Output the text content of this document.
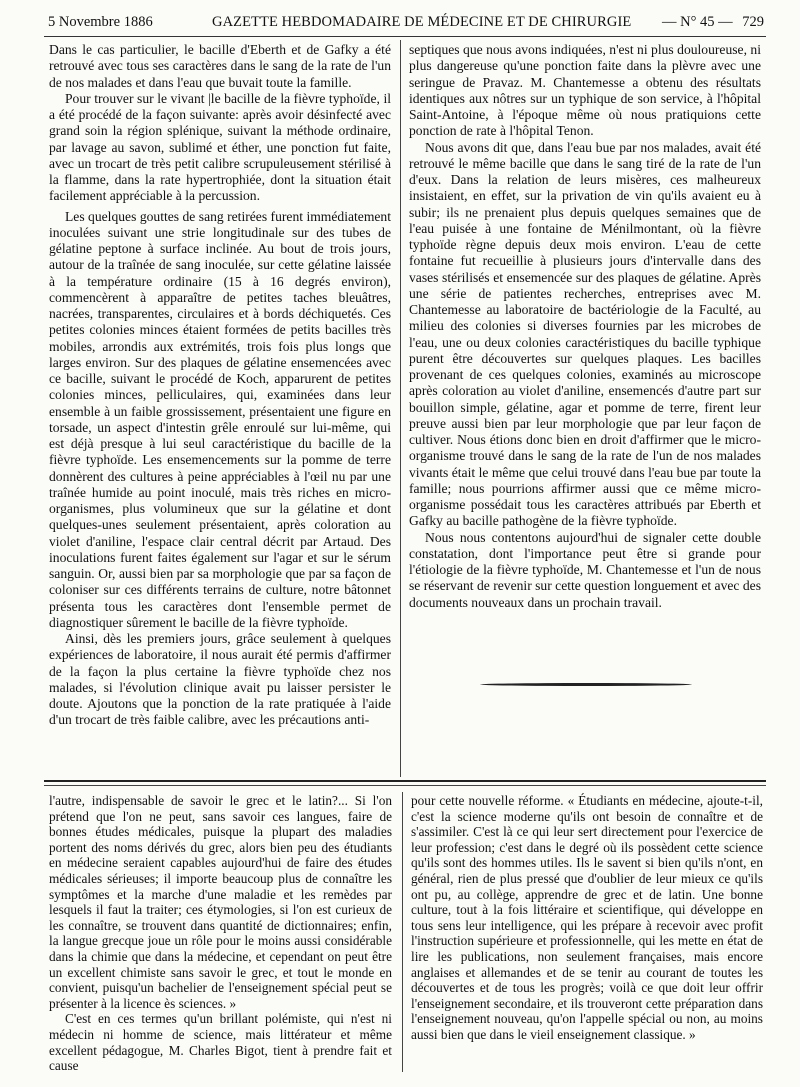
5 Novembre 1886	GAZETTE HEBDOMADAIRE DE MÉDECINE ET DE CHIRURGIE — N° 45 — 729

Dans le cas particulier, le bacille d'Eberth et de Gafky a été retrouvé avec tous ses caractères dans le sang de la rate de l'un de nos malades et dans l'eau que buvait toute la famille.

Pour trouver sur le vivant |le bacille de la fièvre typhoïde, il a été procédé de la façon suivante: après avoir désinfecté avec grand soin la région splénique, suivant la méthode ordinaire, par lavage au savon, sublimé et éther, une ponction fut faite, avec un trocart de très petit calibre scrupuleusement stérilisé à la flamme, dans la rate hypertrophiée, dont la situation était facilement appréciable à la percussion.

Les quelques gouttes de sang retirées furent immédiatement inoculées suivant une strie longitudinale sur des tubes de gélatine peptone à surface inclinée. Au bout de trois jours, autour de la traînée de sang inoculée, sur cette gélatine laissée à la température ordinaire (15 à 16 degrés environ), commencèrent à apparaître de petites taches bleuâtres, nacrées, transparentes, circulaires et à bords déchiquetés. Ces petites colonies minces étaient formées de petits bacilles très mobiles, arrondis aux extrémités, trois fois plus longs que larges environ. Sur des plaques de gélatine ensemencées avec ce bacille, suivant le procédé de Koch, apparurent de petites colonies minces, pelliculaires, qui, examinées dans leur ensemble à un faible grossissement, présentaient une figure en torsade, un aspect d'intestin grêle enroulé sur lui-même, qui est déjà presque à lui seul caractéristique du bacille de la fièvre typhoïde. Les ensemencements sur la pomme de terre donnèrent des cultures à peine appréciables à l'œil nu par une traînée humide au point inoculé, mais très riches en micro-organismes, plus volumineux que sur la gélatine et dont quelques-unes seulement présentaient, après coloration au violet d'aniline, l'espace clair central décrit par Artaud. Des inoculations furent faites également sur l'agar et sur le sérum sanguin. Or, aussi bien par sa morphologie que par sa façon de coloniser sur ces différents terrains de culture, notre bâtonnet présenta tous les caractères dont l'ensemble permet de diagnostiquer sûrement le bacille de la fièvre typhoïde.

Ainsi, dès les premiers jours, grâce seulement à quelques expériences de laboratoire, il nous aurait été permis d'affirmer de la façon la plus certaine la fièvre typhoïde chez nos malades, si l'évolution clinique avait pu laisser persister le doute. Ajoutons que la ponction de la rate pratiquée à l'aide d'un trocart de très faible calibre, avec les précautions anti-

septiques que nous avons indiquées, n'est ni plus douloureuse, ni plus dangereuse qu'une ponction faite dans la plèvre avec une seringue de Pravaz. M. Chantemesse a obtenu des résultats identiques aux nôtres sur un typhique de son service, à l'hôpital Saint-Antoine, à l'époque même où nous pratiquions cette ponction de rate à l'hôpital Tenon.

Nous avons dit que, dans l'eau bue par nos malades, avait été retrouvé le même bacille que dans le sang tiré de la rate de l'un d'eux. Dans la relation de leurs misères, ces malheureux insistaient, en effet, sur la privation de vin qu'ils avaient eu à subir; ils ne prenaient plus depuis quelques semaines que de l'eau puisée à une fontaine de Ménilmontant, où la fièvre typhoïde règne depuis deux mois environ. L'eau de cette fontaine fut recueillie à plusieurs jours d'intervalle dans des vases stérilisés et ensemencée sur des plaques de gélatine. Après une série de patientes recherches, entreprises avec M. Chantemesse au laboratoire de bactériologie de la Faculté, au milieu des colonies si diverses fournies par les microbes de l'eau, une ou deux colonies caractéristiques du bacille typhique purent être découvertes sur quelques plaques. Les bacilles provenant de ces quelques colonies, examinés au microscope après coloration au violet d'aniline, ensemencés d'autre part sur bouillon simple, gélatine, agar et pomme de terre, firent leur preuve aussi bien par leur morphologie que par leur façon de cultiver. Nous étions donc bien en droit d'affirmer que le micro-organisme trouvé dans le sang de la rate de l'un de nos malades vivants était le même que celui trouvé dans l'eau bue par toute la famille; nous pourrions affirmer aussi que ce même micro-organisme possédait tous les caractères attribués par Eberth et Gafky au bacille pathogène de la fièvre typhoïde.

Nous nous contentons aujourd'hui de signaler cette double constatation, dont l'importance peut être si grande pour l'étiologie de la fièvre typhoïde, M. Chantemesse et l'un de nous se réservant de revenir sur cette question longuement et avec des documents nouveaux dans un prochain travail.

l'autre, indispensable de savoir le grec et le latin?... Si l'on prétend que l'on ne peut, sans savoir ces langues, faire de bonnes études médicales, puisque la plupart des maladies portent des noms dérivés du grec, alors bien peu des étudiants en médecine seraient capables aujourd'hui de faire des études médicales sérieuses; il importe beaucoup plus de connaître les symptômes et la marche d'une maladie et les remèdes par lesquels il faut la traiter; ces étymologies, si l'on est curieux de les connaître, se trouvent dans quantité de dictionnaires; enfin, la langue grecque joue un rôle pour le moins aussi considérable dans la chimie que dans la médecine, et cependant on peut être un excellent chimiste sans savoir le grec, et tout le monde en convient, puisqu'un bachelier de l'enseignement spécial peut se présenter à la licence ès sciences. »

C'est en ces termes qu'un brillant polémiste, qui n'est ni médecin ni homme de science, mais littérateur et même excellent pédagogue, M. Charles Bigot, tient à prendre fait et cause

pour cette nouvelle réforme. « Étudiants en médecine, ajoute-t-il, c'est la science moderne qu'ils ont besoin de connaître et de s'assimiler. C'est là ce qui leur sert directement pour l'exercice de leur profession; c'est dans le degré où ils possèdent cette science qu'ils sont des hommes utiles. Ils le savent si bien qu'ils n'ont, en général, rien de plus pressé que d'oublier de leur mieux ce qu'ils ont pu, au collège, apprendre de grec et de latin. Une bonne culture, tout à la fois littéraire et scientifique, qui développe en tous sens leur intelligence, qui les prépare à recevoir avec profit l'instruction supérieure et professionnelle, qui les mette en état de lire les publications, non seulement françaises, mais encore anglaises et allemandes et de se tenir au courant de toutes les découvertes et de tous les progrès; voilà ce que doit leur offrir l'enseignement secondaire, et ils trouveront cette préparation dans l'enseignement nouveau, qu'on l'appelle spécial ou non, au moins aussi bien que dans le vieil enseignement classique. »
